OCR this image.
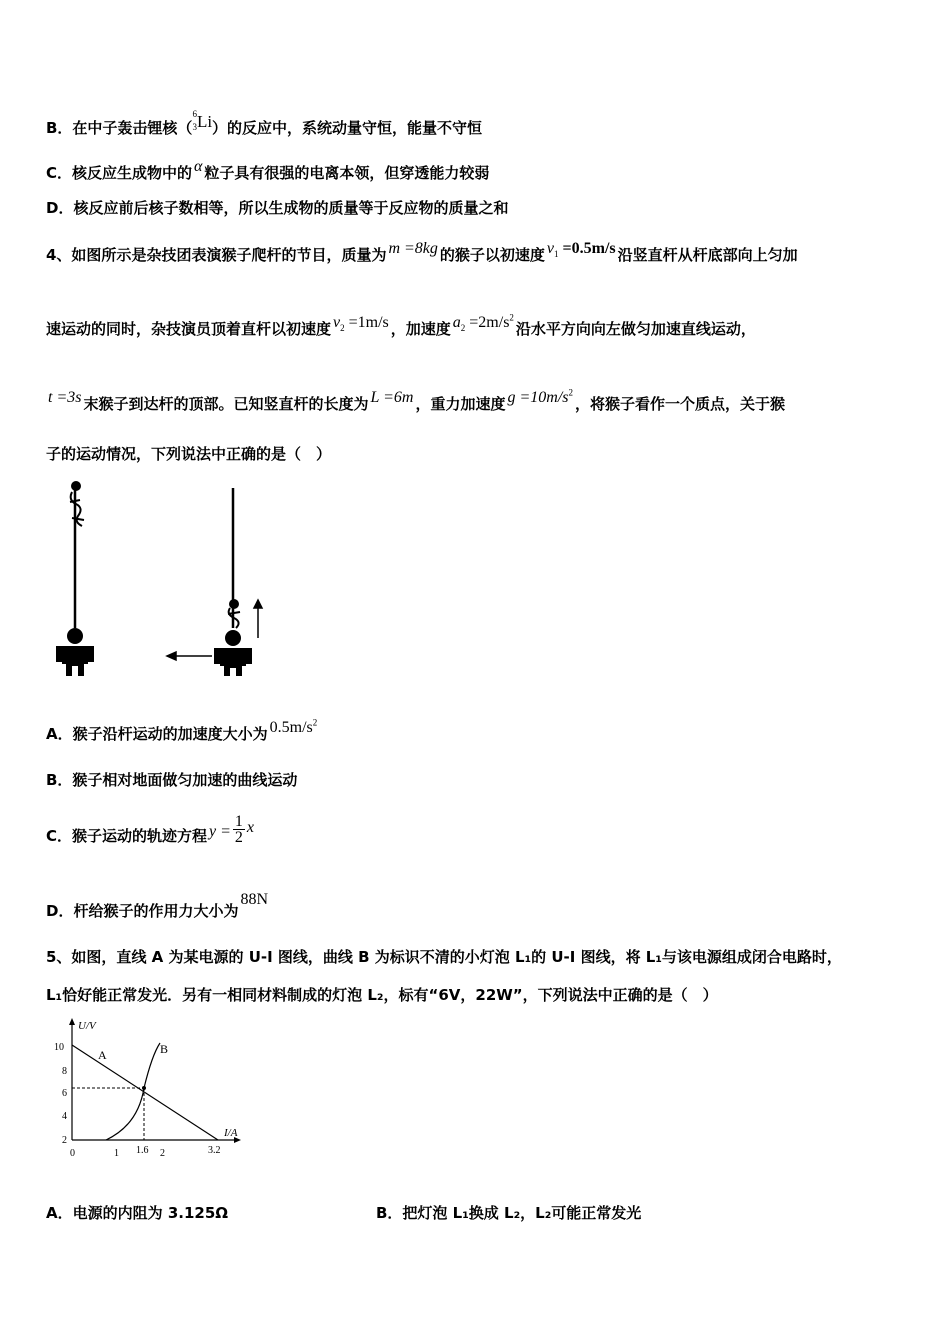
B．在中子轰击锂核（
6
3 Li）的反应中，系统动量守恒，能量不守恒
C．核反应生成物中的 α 粒子具有很强的电离本领，但穿透能力较弱
D．核反应前后核子数相等，所以生成物的质量等于反应物的质量之和
4、如图所示是杂技团表演猴子爬杆的节目，质量为 m =8kg 的猴子以初速度 $v_1 =0.5m/s$ 沿竖直杆从杆底部向上匀加
速运动的同时，杂技演员顶着直杆以初速度 $v_2 =1m/s$ ，加速度 $a_2 =2m/s^2$沿水平方向向左做匀加速直线运动，
t =3s 末猴子到达杆的顶部。已知竖直杆的长度为 L =6m ，重力加速度 $g =10m/s^2$，将猴子看作一个质点，关于猴
子的运动情况，下列说法中正确的是（　）
A．猴子沿杆运动的加速度大小为 $0.5m/s^2$
B．猴子相对地面做匀加速的曲线运动
C．猴子运动的轨迹方程 $y = \frac{1}{2}$ x
D．杆给猴子的作用力大小为88N
5、如图，直线 A 为某电源的 U-I 图线，曲线 B 为标识不清的小灯泡 L₁的 U-I 图线，将 L₁与该电源组成闭合电路时，
L₁恰好能正常发光．另有一相同材料制成的灯泡 L₂，标有“6V，22W”，下列说法中正确的是（　）
U/V
I/A
10
8
6
4
2
0	1 1.6 2	3.2
A	B
A．电源的内阻为 3.125Ω	B．把灯泡 L₁换成 L₂，L₂可能正常发光
